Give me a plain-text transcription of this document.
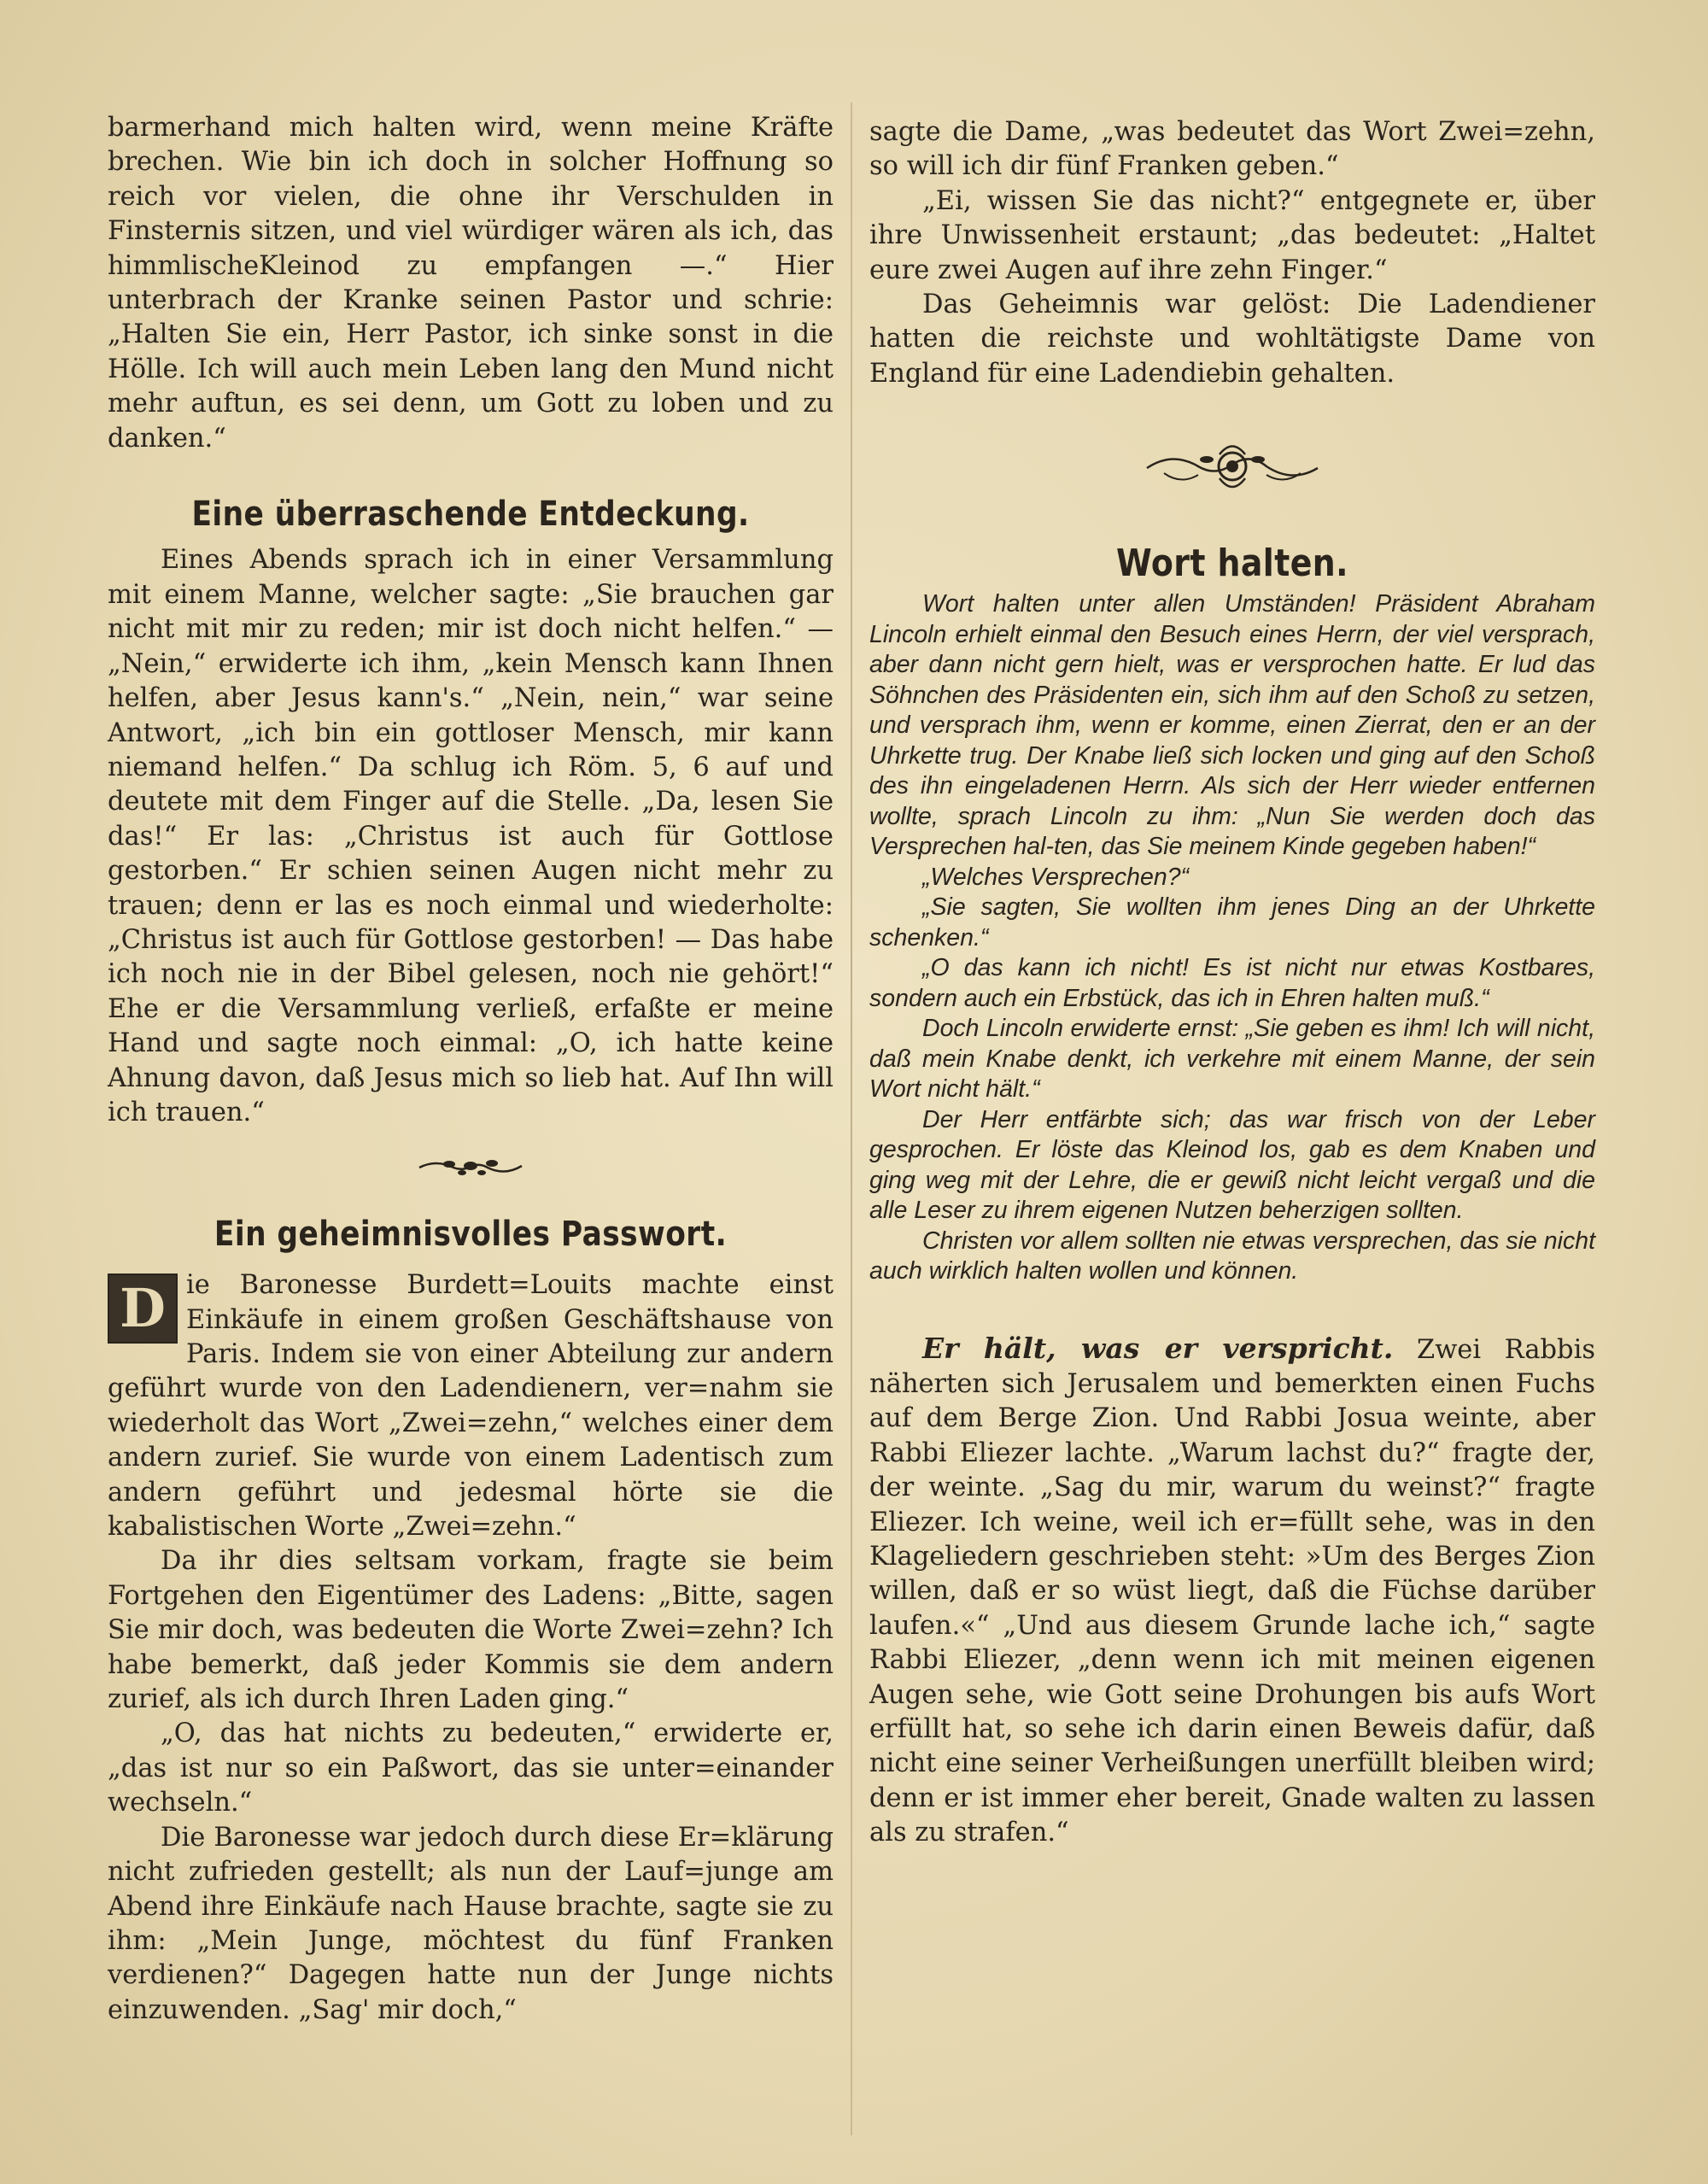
barmerhand mich halten wird, wenn meine Kräfte brechen. Wie bin ich doch in solcher Hoffnung so reich vor vielen, die ohne ihr Verschulden in Finsternis sitzen, und viel würdiger wären als ich, das himmlischeKleinod zu empfangen —.“ Hier unterbrach der Kranke seinen Pastor und schrie: „Halten Sie ein, Herr Pastor, ich sinke sonst in die Hölle. Ich will auch mein Leben lang den Mund nicht mehr auftun, es sei denn, um Gott zu loben und zu danken.“

Eine überraschende Entdeckung.

Eines Abends sprach ich in einer Versammlung mit einem Manne, welcher sagte: „Sie brauchen gar nicht mit mir zu reden; mir ist doch nicht helfen.“ — „Nein,“ erwiderte ich ihm, „kein Mensch kann Ihnen helfen, aber Jesus kann's.“ „Nein, nein,“ war seine Antwort, „ich bin ein gottloser Mensch, mir kann niemand helfen.“ Da schlug ich Röm. 5, 6 auf und deutete mit dem Finger auf die Stelle. „Da, lesen Sie das!“ Er las: „Christus ist auch für Gottlose gestorben.“ Er schien seinen Augen nicht mehr zu trauen; denn er las es noch einmal und wiederholte: „Christus ist auch für Gottlose gestorben! — Das habe ich noch nie in der Bibel gelesen, noch nie gehört!“ Ehe er die Versammlung verließ, erfaßte er meine Hand und sagte noch einmal: „O, ich hatte keine Ahnung davon, daß Jesus mich so lieb hat. Auf Ihn will ich trauen.“

Ein geheimnisvolles Passwort.

D ie Baronesse Burdett=Louits machte einst Einkäufe in einem großen Geschäftshause von Paris. Indem sie von einer Abteilung zur andern geführt wurde von den Ladendienern, ver=nahm sie wiederholt das Wort „Zwei=zehn,“ welches einer dem andern zurief. Sie wurde von einem Ladentisch zum andern geführt und jedesmal hörte sie die kabalistischen Worte „Zwei=zehn.“

Da ihr dies seltsam vorkam, fragte sie beim Fortgehen den Eigentümer des Ladens: „Bitte, sagen Sie mir doch, was bedeuten die Worte Zwei=zehn? Ich habe bemerkt, daß jeder Kommis sie dem andern zurief, als ich durch Ihren Laden ging.“

„O, das hat nichts zu bedeuten,“ erwiderte er, „das ist nur so ein Paßwort, das sie unter=einander wechseln.“

Die Baronesse war jedoch durch diese Er=klärung nicht zufrieden gestellt; als nun der Lauf=junge am Abend ihre Einkäufe nach Hause brachte, sagte sie zu ihm: „Mein Junge, möchtest du fünf Franken verdienen?“ Dagegen hatte nun der Junge nichts einzuwenden. „Sag' mir doch,“

sagte die Dame, „was bedeutet das Wort Zwei=zehn, so will ich dir fünf Franken geben.“

„Ei, wissen Sie das nicht?“ entgegnete er, über ihre Unwissenheit erstaunt; „das bedeutet: „Haltet eure zwei Augen auf ihre zehn Finger.“

Das Geheimnis war gelöst: Die Ladendiener hatten die reichste und wohltätigste Dame von England für eine Ladendiebin gehalten.

Wort halten.

Wort halten unter allen Umständen! Präsident Abraham Lincoln erhielt einmal den Besuch eines Herrn, der viel versprach, aber dann nicht gern hielt, was er versprochen hatte. Er lud das Söhnchen des Präsidenten ein, sich ihm auf den Schoß zu setzen, und versprach ihm, wenn er komme, einen Zierrat, den er an der Uhrkette trug. Der Knabe ließ sich locken und ging auf den Schoß des ihn eingeladenen Herrn. Als sich der Herr wieder entfernen wollte, sprach Lincoln zu ihm: „Nun Sie werden doch das Versprechen hal-ten, das Sie meinem Kinde gegeben haben!“

„Welches Versprechen?“

„Sie sagten, Sie wollten ihm jenes Ding an der Uhrkette schenken.“

„O das kann ich nicht! Es ist nicht nur etwas Kostbares, sondern auch ein Erbstück, das ich in Ehren halten muß.“

Doch Lincoln erwiderte ernst: „Sie geben es ihm! Ich will nicht, daß mein Knabe denkt, ich verkehre mit einem Manne, der sein Wort nicht hält.“

Der Herr entfärbte sich; das war frisch von der Leber gesprochen. Er löste das Kleinod los, gab es dem Knaben und ging weg mit der Lehre, die er gewiß nicht leicht vergaß und die alle Leser zu ihrem eigenen Nutzen beherzigen sollten.

Christen vor allem sollten nie etwas versprechen, das sie nicht auch wirklich halten wollen und können.

Er hält, was er verspricht. Zwei Rabbis näherten sich Jerusalem und bemerkten einen Fuchs auf dem Berge Zion. Und Rabbi Josua weinte, aber Rabbi Eliezer lachte. „Warum lachst du?“ fragte der, der weinte. „Sag du mir, warum du weinst?“ fragte Eliezer. Ich weine, weil ich er=füllt sehe, was in den Klageliedern geschrieben steht: »Um des Berges Zion willen, daß er so wüst liegt, daß die Füchse darüber laufen.«“ „Und aus diesem Grunde lache ich,“ sagte Rabbi Eliezer, „denn wenn ich mit meinen eigenen Augen sehe, wie Gott seine Drohungen bis aufs Wort erfüllt hat, so sehe ich darin einen Beweis dafür, daß nicht eine seiner Verheißungen unerfüllt bleiben wird; denn er ist immer eher bereit, Gnade walten zu lassen als zu strafen.“
